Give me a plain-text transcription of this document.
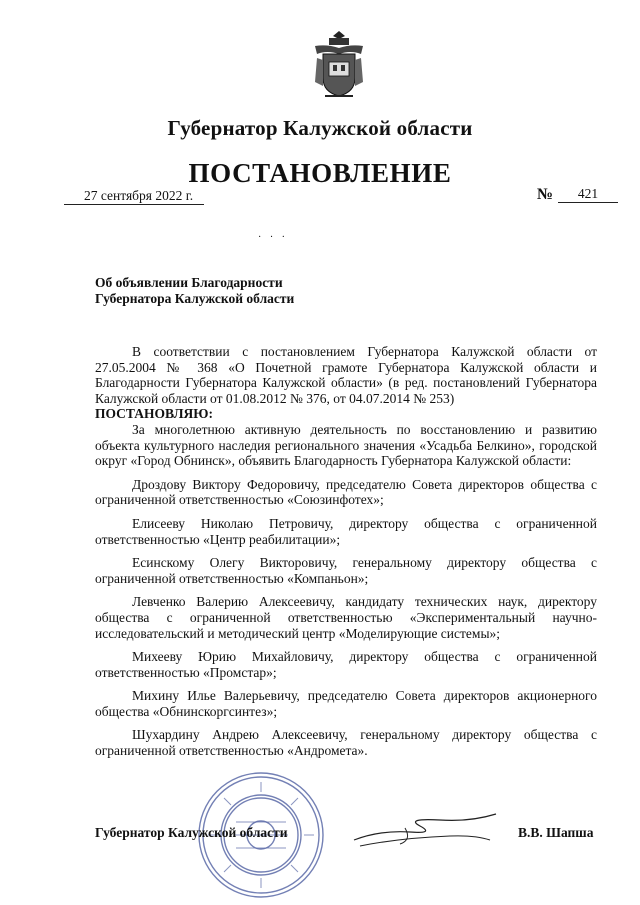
Губернатор Калужской области
ПОСТАНОВЛЕНИЕ
27 сентября 2022 г.	№	421
· · ·
Об объявлении Благодарности
Губернатора Калужской области

В соответствии с постановлением Губернатора Калужской области от 27.05.2004 № 368 «О Почетной грамоте Губернатора Калужской области и Благодарности Губернатора Калужской области» (в ред. постановлений Губернатора Калужской области от 01.08.2012 № 376, от 04.07.2014 № 253)

ПОСТАНОВЛЯЮ:

За многолетнюю активную деятельность по восстановлению и развитию объекта культурного наследия регионального значения «Усадьба Белкино», городской округ «Город Обнинск», объявить Благодарность Губернатора Калужской области:

Дроздову Виктору Федоровичу, председателю Совета директоров общества с ограниченной ответственностью «Союзинфотех»;

Елисееву Николаю Петровичу, директору общества с ограниченной ответственностью «Центр реабилитации»;

Есинскому Олегу Викторовичу, генеральному директору общества с ограниченной ответственностью «Компаньон»;

Левченко Валерию Алексеевичу, кандидату технических наук, директору общества с ограниченной ответственностью «Экспериментальный научно-исследовательский и методический центр «Моделирующие системы»;

Михееву Юрию Михайловичу, директору общества с ограниченной ответственностью «Промстар»;

Михину Илье Валерьевичу, председателю Совета директоров акционерного общества «Обнинскоргсинтез»;

Шухардину Андрею Алексеевичу, генеральному директору общества с ограниченной ответственностью «Андромета».

Губернатор Калужской области	В.В. Шапша
